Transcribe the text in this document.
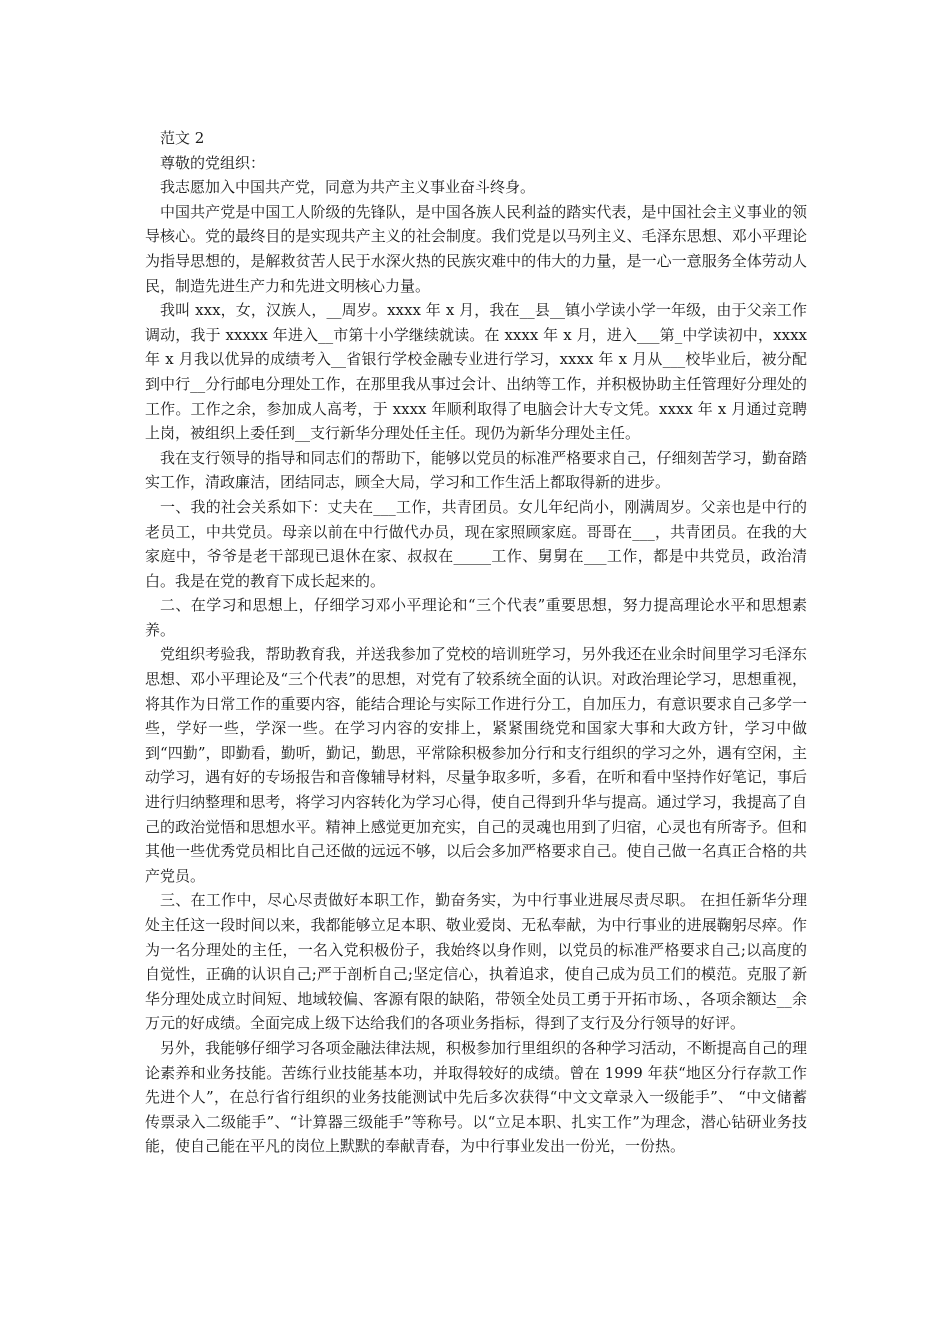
范文 2

尊敬的党组织：

我志愿加入中国共产党，同意为共产主义事业奋斗终身。

中国共产党是中国工人阶级的先锋队，是中国各族人民利益的踏实代表，是中国社会主义事业的领导核心。党的最终目的是实现共产主义的社会制度。我们党是以马列主义、毛泽东思想、邓小平理论为指导思想的，是解救贫苦人民于水深火热的民族灾难中的伟大的力量，是一心一意服务全体劳动人民，制造先进生产力和先进文明核心力量。

我叫 xxx，女，汉族人，__周岁。xxxx 年 x 月，我在__县__镇小学读小学一年级，由于父亲工作调动，我于 xxxxx 年进入__市第十小学继续就读。在 xxxx 年 x 月，进入___第_中学读初中，xxxx 年 x 月我以优异的成绩考入__省银行学校金融专业进行学习，xxxx 年 x 月从___校毕业后，被分配到中行__分行邮电分理处工作，在那里我从事过会计、出纳等工作，并积极协助主任管理好分理处的工作。工作之余，参加成人高考，于 xxxx 年顺利取得了电脑会计大专文凭。xxxx 年 x 月通过竞聘上岗，被组织上委任到__支行新华分理处任主任。现仍为新华分理处主任。

我在支行领导的指导和同志们的帮助下，能够以党员的标准严格要求自己，仔细刻苦学习，勤奋踏实工作，清政廉洁，团结同志，顾全大局，学习和工作生活上都取得新的进步。

一、我的社会关系如下：丈夫在___工作，共青团员。女儿年纪尚小，刚满周岁。父亲也是中行的老员工，中共党员。母亲以前在中行做代办员，现在家照顾家庭。哥哥在___，共青团员。在我的大家庭中，爷爷是老干部现已退休在家、叔叔在_____工作、舅舅在___工作，都是中共党员，政治清白。我是在党的教育下成长起来的。

二、在学习和思想上，仔细学习邓小平理论和“三个代表”重要思想，努力提高理论水平和思想素养。

党组织考验我，帮助教育我，并送我参加了党校的培训班学习，另外我还在业余时间里学习毛泽东思想、邓小平理论及“三个代表”的思想，对党有了较系统全面的认识。对政治理论学习，思想重视，将其作为日常工作的重要内容，能结合理论与实际工作进行分工，自加压力，有意识要求自己多学一些，学好一些，学深一些。在学习内容的安排上，紧紧围绕党和国家大事和大政方针，学习中做到“四勤”，即勤看，勤听，勤记，勤思，平常除积极参加分行和支行组织的学习之外，遇有空闲，主动学习，遇有好的专场报告和音像辅导材料，尽量争取多听，多看，在听和看中坚持作好笔记，事后进行归纳整理和思考，将学习内容转化为学习心得，使自己得到升华与提高。通过学习，我提高了自己的政治觉悟和思想水平。精神上感觉更加充实，自己的灵魂也用到了归宿，心灵也有所寄予。但和其他一些优秀党员相比自己还做的远远不够，以后会多加严格要求自己。使自己做一名真正合格的共产党员。

三、在工作中，尽心尽责做好本职工作，勤奋务实，为中行事业进展尽责尽职。 在担任新华分理处主任这一段时间以来，我都能够立足本职、敬业爱岗、无私奉献，为中行事业的进展鞠躬尽瘁。作为一名分理处的主任，一名入党积极份子，我始终以身作则，以党员的标准严格要求自己;以高度的自觉性，正确的认识自己;严于剖析自己;坚定信心，执着追求，使自己成为员工们的模范。克服了新华分理处成立时间短、地域较偏、客源有限的缺陷，带领全处员工勇于开拓市场、，各项余额达__余万元的好成绩。全面完成上级下达给我们的各项业务指标，得到了支行及分行领导的好评。

另外，我能够仔细学习各项金融法律法规，积极参加行里组织的各种学习活动，不断提高自己的理论素养和业务技能。苦练行业技能基本功，并取得较好的成绩。曾在 1999 年获“地区分行存款工作先进个人”，在总行省行组织的业务技能测试中先后多次获得“中文文章录入一级能手”、 “中文储蓄传票录入二级能手”、“计算器三级能手”等称号。以“立足本职、扎实工作”为理念，潜心钻研业务技能，使自己能在平凡的岗位上默默的奉献青春，为中行事业发出一份光，一份热。
